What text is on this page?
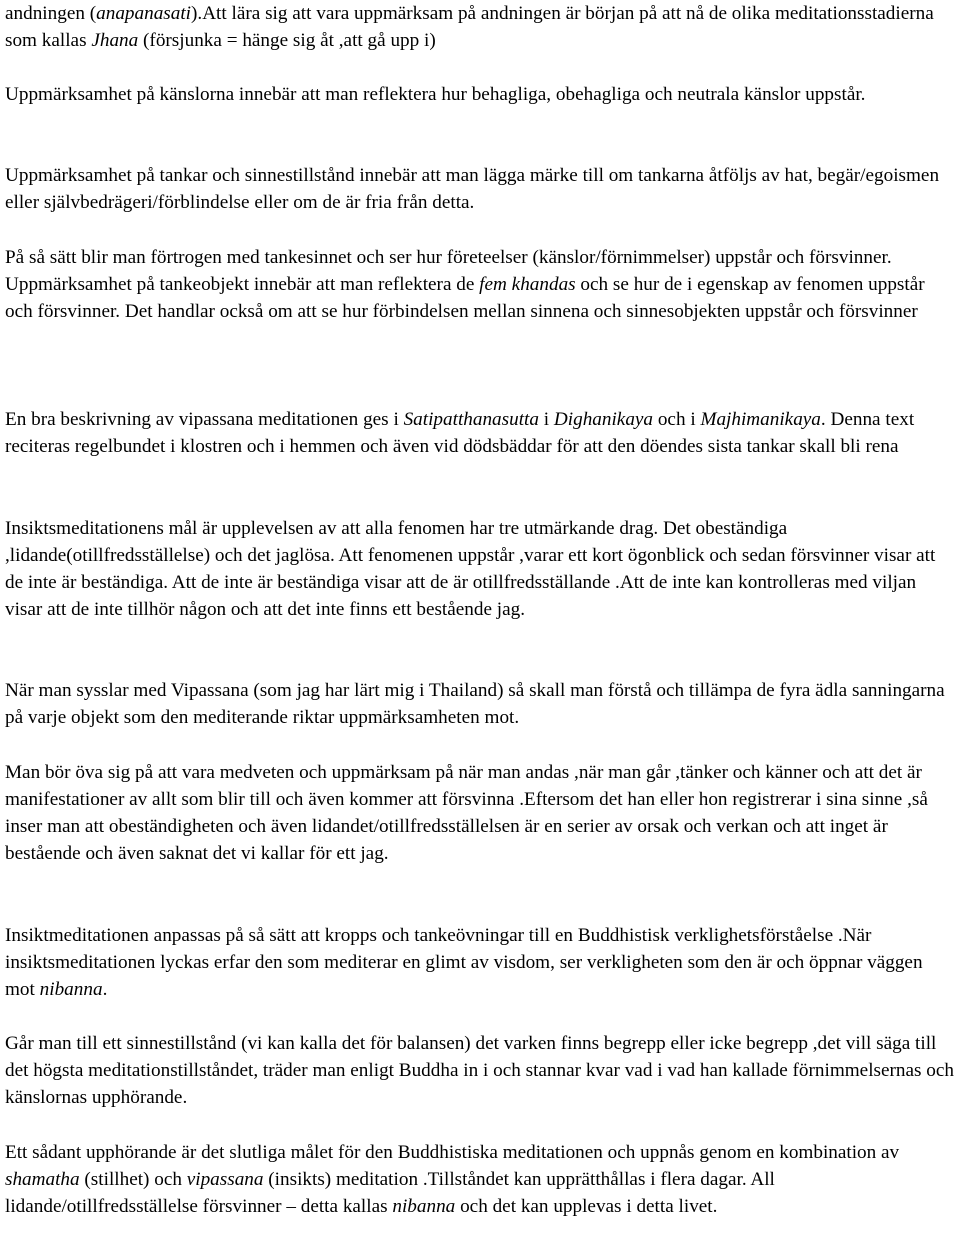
andningen (anapanasati).Att lära sig att vara uppmärksam på andningen är början på att nå de olika meditationsstadierna som kallas Jhana (försjunka = hänge sig åt ,att gå upp i)

Uppmärksamhet på känslorna innebär att man reflektera hur behagliga, obehagliga och neutrala känslor uppstår.

Uppmärksamhet på tankar och sinnestillstånd innebär att man lägga märke till om tankarna åtföljs av hat, begär/egoismen eller självbedrägeri/förblindelse eller om de är fria från detta.

På så sätt blir man förtrogen med tankesinnet och ser hur företeelser (känslor/förnimmelser) uppstår och försvinner. Uppmärksamhet på tankeobjekt innebär att man reflektera de fem khandas och se hur de i egenskap av fenomen uppstår och försvinner. Det handlar också om att se hur förbindelsen mellan sinnena och sinnesobjekten uppstår och försvinner

En bra beskrivning av vipassana meditationen ges i Satipatthanasutta i Dighanikaya och i Majhimanikaya. Denna text reciteras regelbundet i klostren och i hemmen och även vid dödsbäddar för att den döendes sista tankar skall bli rena

Insiktsmeditationens mål är upplevelsen av att alla fenomen har tre utmärkande drag. Det obeständiga ,lidande(otillfredsställelse) och det jaglösa. Att fenomenen uppstår ,varar ett kort ögonblick och sedan försvinner visar att de inte är beständiga. Att de inte är beständiga visar att de är otillfredsställande .Att de inte kan kontrolleras med viljan visar att de inte tillhör någon och att det inte finns ett bestående jag.

När man sysslar med Vipassana (som jag har lärt mig i Thailand) så skall man förstå och tillämpa de fyra ädla sanningarna på varje objekt som den mediterande riktar uppmärksamheten mot.

Man bör öva sig på att vara medveten och uppmärksam på när man andas ,när man går ,tänker och känner och att det är manifestationer av allt som blir till och även kommer att försvinna .Eftersom det han eller hon registrerar i sina sinne ,så inser man att obeständigheten och även lidandet/otillfredsställelsen är en serier av orsak och verkan och att inget är bestående och även saknat det vi kallar för ett jag.

Insiktmeditationen anpassas på så sätt att kropps och tankeövningar till en Buddhistisk verklighetsförståelse .När insiktsmeditationen lyckas erfar den som mediterar en glimt av visdom, ser verkligheten som den är och öppnar väggen mot nibanna.

Går man till ett sinnestillstånd (vi kan kalla det för balansen) det varken finns begrepp eller icke begrepp ,det vill säga till det högsta meditationstillståndet, träder man enligt Buddha in i och stannar kvar vad i vad han kallade förnimmelsernas och känslornas upphörande.

Ett sådant upphörande är det slutliga målet för den Buddhistiska meditationen och uppnås genom en kombination av shamatha (stillhet) och vipassana (insikts) meditation .Tillståndet kan upprätthållas i flera dagar. All lidande/otillfredsställelse försvinner – detta kallas nibanna och det kan upplevas i detta livet.
